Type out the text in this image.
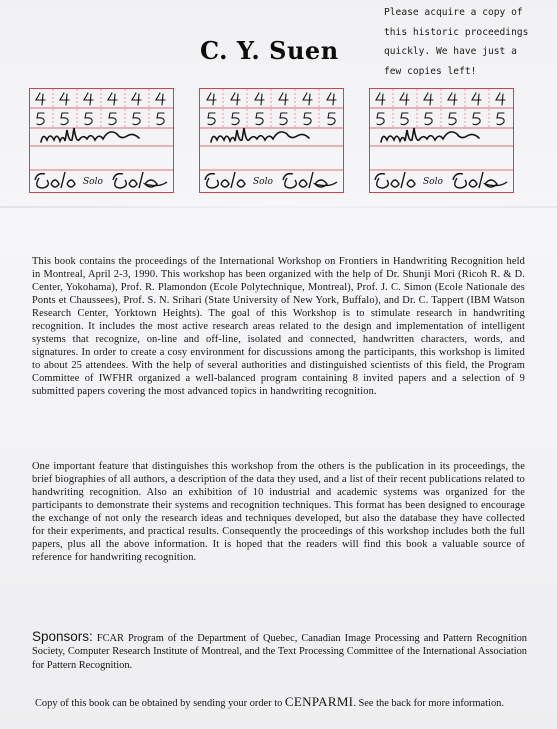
Please acquire a copy of
this historic proceedings
quickly. We have just a
few copies left!
C. Y. Suen
Solo	Solo	Solo
This book contains the proceedings of the International Workshop on Frontiers in Handwriting Recognition held in Montreal, April 2-3, 1990. This workshop has been organized with the help of Dr. Shunji Mori (Ricoh R. & D. Center, Yokohama), Prof. R. Plamondon (Ecole Polytechnique, Montreal), Prof. J. C. Simon (Ecole Nationale des Ponts et Chaussees), Prof. S. N. Srihari (State University of New York, Buffalo), and Dr. C. Tappert (IBM Watson Research Center, Yorktown Heights). The goal of this Workshop is to stimulate research in handwriting recognition. It includes the most active research areas related to the design and implementation of intelligent systems that recognize, on-line and off-line, isolated and connected, handwritten characters, words, and signatures. In order to create a cosy environment for discussions among the participants, this workshop is limited to about 25 attendees. With the help of several authorities and distinguished scientists of this field, the Program Committee of IWFHR organized a well-balanced program containing 8 invited papers and a selection of 9 submitted papers covering the most advanced topics in handwriting recognition.
One important feature that distinguishes this workshop from the others is the publication in its proceedings, the brief biographies of all authors, a description of the data they used, and a list of their recent publications related to handwriting recognition. Also an exhibition of 10 industrial and academic systems was organized for the participants to demonstrate their systems and recognition techniques. This format has been designed to encourage the exchange of not only the research ideas and techniques developed, but also the database they have collected for their experiments, and practical results. Consequently the proceedings of this workshop includes both the full papers, plus all the above information. It is hoped that the readers will find this book a valuable source of reference for handwriting recognition.
Sponsors: FCAR Program of the Department of Quebec, Canadian Image Processing and Pattern Recognition Society, Computer Research Institute of Montreal, and the Text Processing Committee of the International Association for Pattern Recognition.
Copy of this book can be obtained by sending your order to CENPARMI. See the back for more information.
